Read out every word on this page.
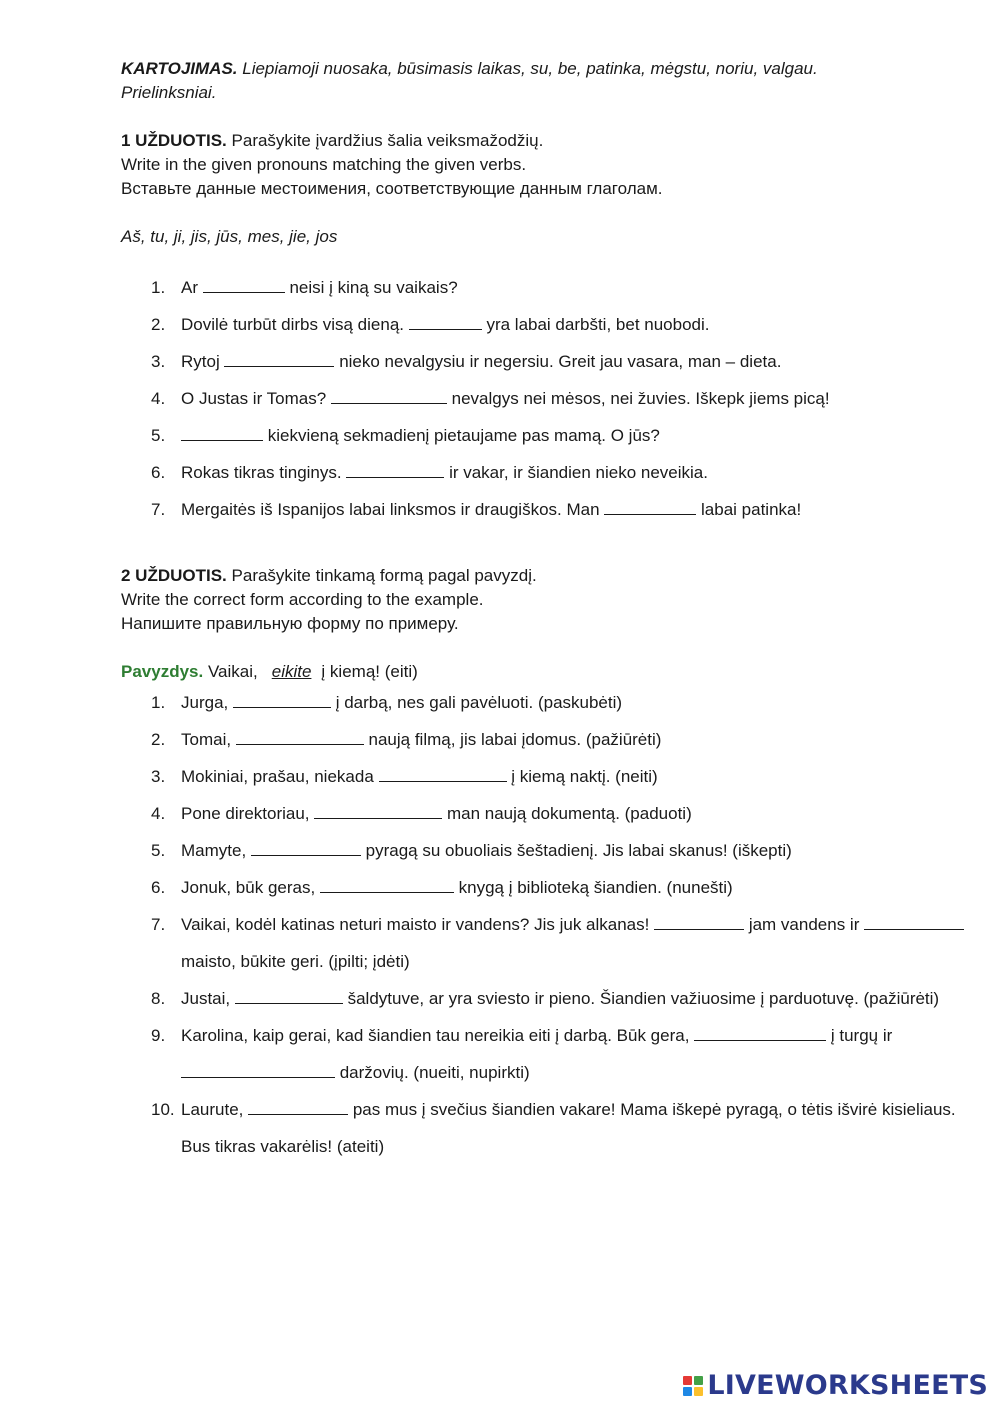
KARTOJIMAS. Liepiamoji nuosaka, būsimasis laikas, su, be, patinka, mėgstu, noriu, valgau.
Prielinksniai.

1 UŽDUOTIS. Parašykite įvardžius šalia veiksmažodžių.

Write in the given pronouns matching the given verbs.

Вставьте данные местоимения, соответствующие данным глаголам.

Aš, tu, ji, jis, jūs, mes, jie, jos

1. Ar	neisi į kiną su vaikais?
2. Dovilė turbūt dirbs visą dieną.	yra labai darbšti, bet nuobodi.
3. Rytoj	nieko nevalgysiu ir negersiu. Greit jau vasara, man – dieta.
4. O Justas ir Tomas?	nevalgys nei mėsos, nei žuvies. Iškepk jiems picą!
5.	kiekvieną sekmadienį pietaujame pas mamą. O jūs?
6. Rokas tikras tinginys.	ir vakar, ir šiandien nieko neveikia.
7. Mergaitės iš Ispanijos labai linksmos ir draugiškos. Man	labai patinka!

2 UŽDUOTIS. Parašykite tinkamą formą pagal pavyzdį.

Write the correct form according to the example.

Напишите правильную форму по примеру.

Pavyzdys. Vaikai, eikite į kiemą! (eiti)

1. Jurga,	į darbą, nes gali pavėluoti. (paskubėti)
2. Tomai,	naują filmą, jis labai įdomus. (pažiūrėti)
3. Mokiniai, prašau, niekada	į kiemą naktį. (neiti)
4. Pone direktoriau,	man naują dokumentą. (paduoti)
5. Mamyte,	pyragą su obuoliais šeštadienį. Jis labai skanus! (iškepti)
6. Jonuk, būk geras,	knygą į biblioteką šiandien. (nunešti)
7. Vaikai, kodėl katinas neturi maisto ir vandens? Jis juk alkanas!	jam vandens ir  maisto, būkite geri. (įpilti; įdėti)
8. Justai,	šaldytuve, ar yra sviesto ir pieno. Šiandien važiuosime į parduotuvę. (pažiūrėti)
9. Karolina, kaip gerai, kad šiandien tau nereikia eiti į darbą. Būk gera,	į turgų ir  daržovių. (nueiti, nupirkti)
10. Laurute,	pas mus į svečius šiandien vakare! Mama iškepė pyragą, o tėtis išvirė kisieliaus. Bus tikras vakarėlis! (ateiti)
LIVEWORKSHEETS
